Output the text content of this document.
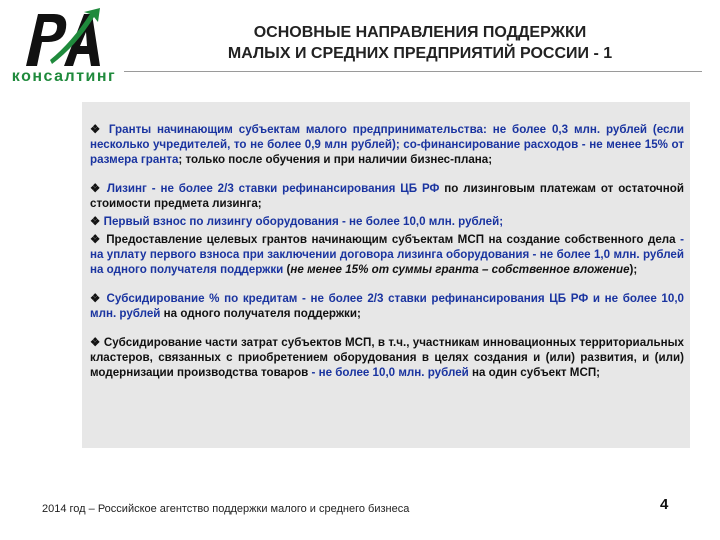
консалтинг
ОСНОВНЫЕ НАПРАВЛЕНИЯ ПОДДЕРЖКИ
МАЛЫХ И СРЕДНИХ ПРЕДПРИЯТИЙ РОССИИ - 1

❖ Гранты начинающим субъектам малого предпринимательства: не более 0,3 млн. рублей (если несколько учредителей, то не более 0,9 млн рублей); со-финансирование расходов - не менее 15% от размера гранта; только после обучения и при наличии бизнес-плана;

❖ Лизинг - не более 2/3 ставки рефинансирования ЦБ РФ по лизинговым платежам от остаточной стоимости предмета лизинга;

❖ Первый взнос по лизингу оборудования - не более 10,0 млн. рублей;

❖ Предоставление целевых грантов начинающим субъектам МСП на создание собственного дела - на уплату первого взноса при заключении договора лизинга оборудования - не более 1,0 млн. рублей на одного получателя поддержки (не менее 15% от суммы гранта – собственное вложение);

❖ Субсидирование % по кредитам - не более 2/3 ставки рефинансирования ЦБ РФ и не более 10,0 млн. рублей на одного получателя поддержки;

❖ Субсидирование части затрат субъектов МСП, в т.ч., участникам инновационных территориальных кластеров, связанных с приобретением оборудования в целях создания и (или) развития, и (или) модернизации производства товаров - не более 10,0 млн. рублей на один субъект МСП;

2014 год – Российское агентство поддержки малого и среднего бизнеса	4
